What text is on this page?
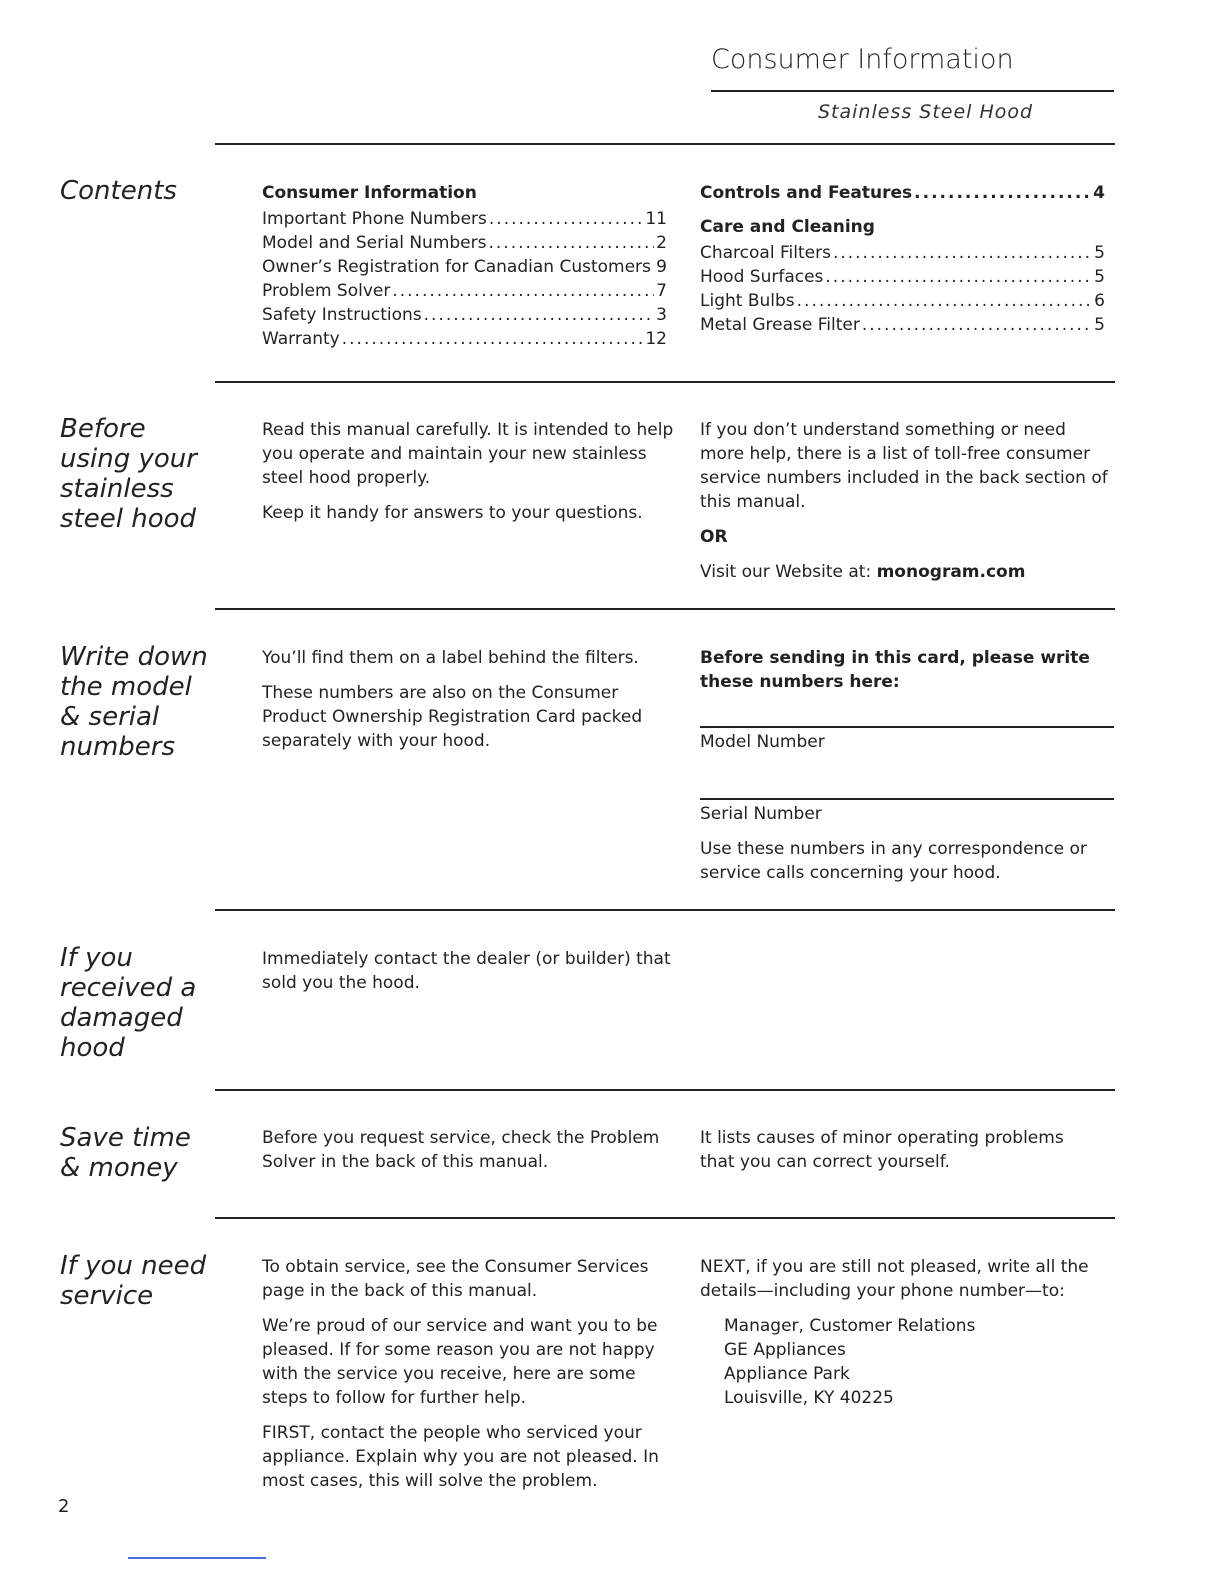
Consumer Information
Stainless Steel Hood
Contents	Consumer Information
Important Phone Numbers .....	11
Model and Serial Numbers .....	2
Owner’s Registration for Canadian Customers ..... 9
Problem Solver .....	7
Safety Instructions .....	3
Warranty .....	12
Controls and Features .....	4
Care and Cleaning
Charcoal Filters .....	5
Hood Surfaces .....	5
Light Bulbs .....	6
Metal Grease Filter .....	5
Before using your stainless steel hood

Read this manual carefully. It is intended to help you operate and maintain your new stainless steel hood properly.

Keep it handy for answers to your questions.

If you don’t understand something or need more help, there is a list of toll-free consumer service numbers included in the back section of this manual.

OR

Visit our Website at: monogram.com

Write down the model & serial numbers

You’ll find them on a label behind the filters.

These numbers are also on the Consumer Product Ownership Registration Card packed separately with your hood.

Before sending in this card, please write these numbers here:

Model Number

Serial Number

Use these numbers in any correspondence or service calls concerning your hood.

If you received a damaged hood

Immediately contact the dealer (or builder) that sold you the hood.

Save time & money

Before you request service, check the Problem Solver in the back of this manual.

It lists causes of minor operating problems that you can correct yourself.

If you need service

To obtain service, see the Consumer Services page in the back of this manual.

We’re proud of our service and want you to be pleased. If for some reason you are not happy with the service you receive, here are some steps to follow for further help.

FIRST, contact the people who serviced your appliance. Explain why you are not pleased. In most cases, this will solve the problem.

NEXT, if you are still not pleased, write all the details—including your phone number—to:

Manager, Customer Relations
GE Appliances
Appliance Park
Louisville, KY 40225
2
